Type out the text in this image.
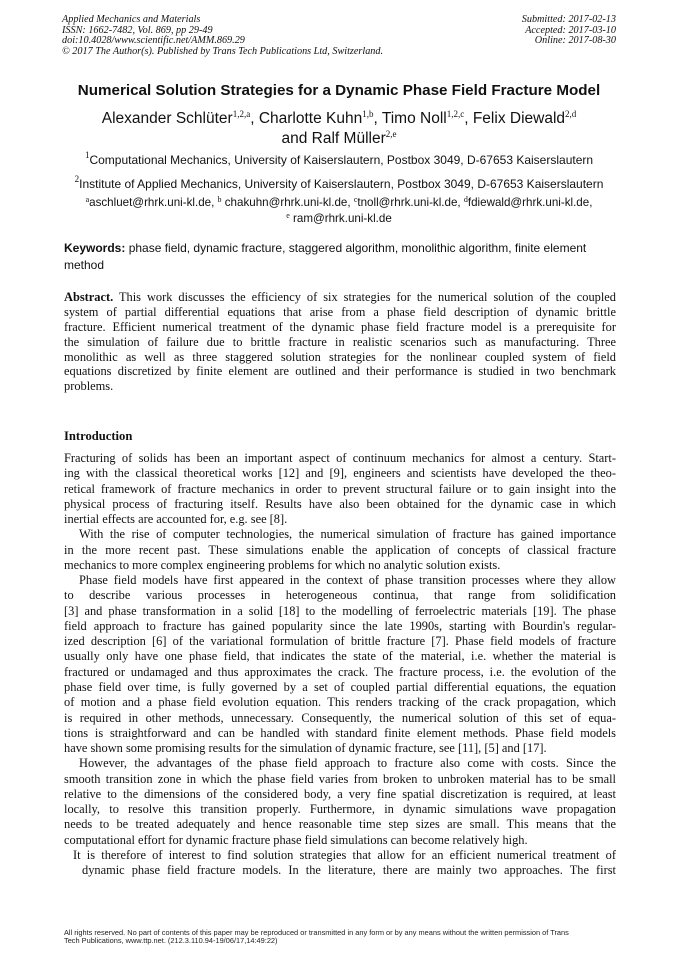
Applied Mechanics and Materials
ISSN: 1662-7482, Vol. 869, pp 29-49
doi:10.4028/www.scientific.net/AMM.869.29
© 2017 The Author(s). Published by Trans Tech Publications Ltd, Switzerland.
Submitted: 2017-02-13
Accepted: 2017-03-10
Online: 2017-08-30
Numerical Solution Strategies for a Dynamic Phase Field Fracture Model
Alexander Schlüter$^{1,2,a}$, Charlotte Kuhn$^{1,b}$, Timo Noll$^{1,2,c}$, Felix Diewald$^{2,d}$
and Ralf Müller$^{2,e}$
$^1$Computational Mechanics, University of Kaiserslautern, Postbox 3049, D-67653 Kaiserslautern
$^2$Institute of Applied Mechanics, University of Kaiserslautern, Postbox 3049, D-67653 Kaiserslautern
$^a$aschluet@rhrk.uni-kl.de, $^b$ chakuhn@rhrk.uni-kl.de, $^c$tnoll@rhrk.uni-kl.de, $^d$fdiewald@rhrk.uni-kl.de,
$^e$ ram@rhrk.uni-kl.de
Keywords: phase field, dynamic fracture, staggered algorithm, monolithic algorithm, finite element
method
Abstract. This work discusses the efficiency of six strategies for the numerical solution of the coupled
system of partial differential equations that arise from a phase field description of dynamic brittle
fracture. Efficient numerical treatment of the dynamic phase field fracture model is a prerequisite for
the simulation of failure due to brittle fracture in realistic scenarios such as manufacturing. Three
monolithic as well as three staggered solution strategies for the nonlinear coupled system of field
equations discretized by finite element are outlined and their performance is studied in two benchmark
problems.
Introduction
Fracturing of solids has been an important aspect of continuum mechanics for almost a century. Start-
ing with the classical theoretical works [12] and [9], engineers and scientists have developed the theo-
retical framework of fracture mechanics in order to prevent structural failure or to gain insight into the
physical process of fracturing itself. Results have also been obtained for the dynamic case in which
inertial effects are accounted for, e.g. see [8].
With the rise of computer technologies, the numerical simulation of fracture has gained importance
in the more recent past. These simulations enable the application of concepts of classical fracture
mechanics to more complex engineering problems for which no analytic solution exists.
Phase field models have first appeared in the context of phase transition processes where they allow
to describe various processes in heterogeneous continua, that range from solidification
[3] and phase transformation in a solid [18] to the modelling of ferroelectric materials [19]. The phase
field approach to fracture has gained popularity since the late 1990s, starting with Bourdin's regular-
ized description [6] of the variational formulation of brittle fracture [7]. Phase field models of fracture
usually only have one phase field, that indicates the state of the material, i.e. whether the material is
fractured or undamaged and thus approximates the crack. The fracture process, i.e. the evolution of the
phase field over time, is fully governed by a set of coupled partial differential equations, the equation
of motion and a phase field evolution equation. This renders tracking of the crack propagation, which
is required in other methods, unnecessary. Consequently, the numerical solution of this set of equa-
tions is straightforward and can be handled with standard finite element methods. Phase field models
have shown some promising results for the simulation of dynamic fracture, see [11], [5] and [17].
However, the advantages of the phase field approach to fracture also come with costs. Since the
smooth transition zone in which the phase field varies from broken to unbroken material has to be small
relative to the dimensions of the considered body, a very fine spatial discretization is required, at least
locally, to resolve this transition properly. Furthermore, in dynamic simulations wave propagation
needs to be treated adequately and hence reasonable time step sizes are small. This means that the
computational effort for dynamic fracture phase field simulations can become relatively high.
It is therefore of interest to find solution strategies that allow for an efficient numerical treatment of
dynamic phase field fracture models. In the literature, there are mainly two approaches. The first
All rights reserved. No part of contents of this paper may be reproduced or transmitted in any form or by any means without the written permission of Trans
Tech Publications, www.ttp.net. (212.3.110.94-19/06/17,14:49:22)
